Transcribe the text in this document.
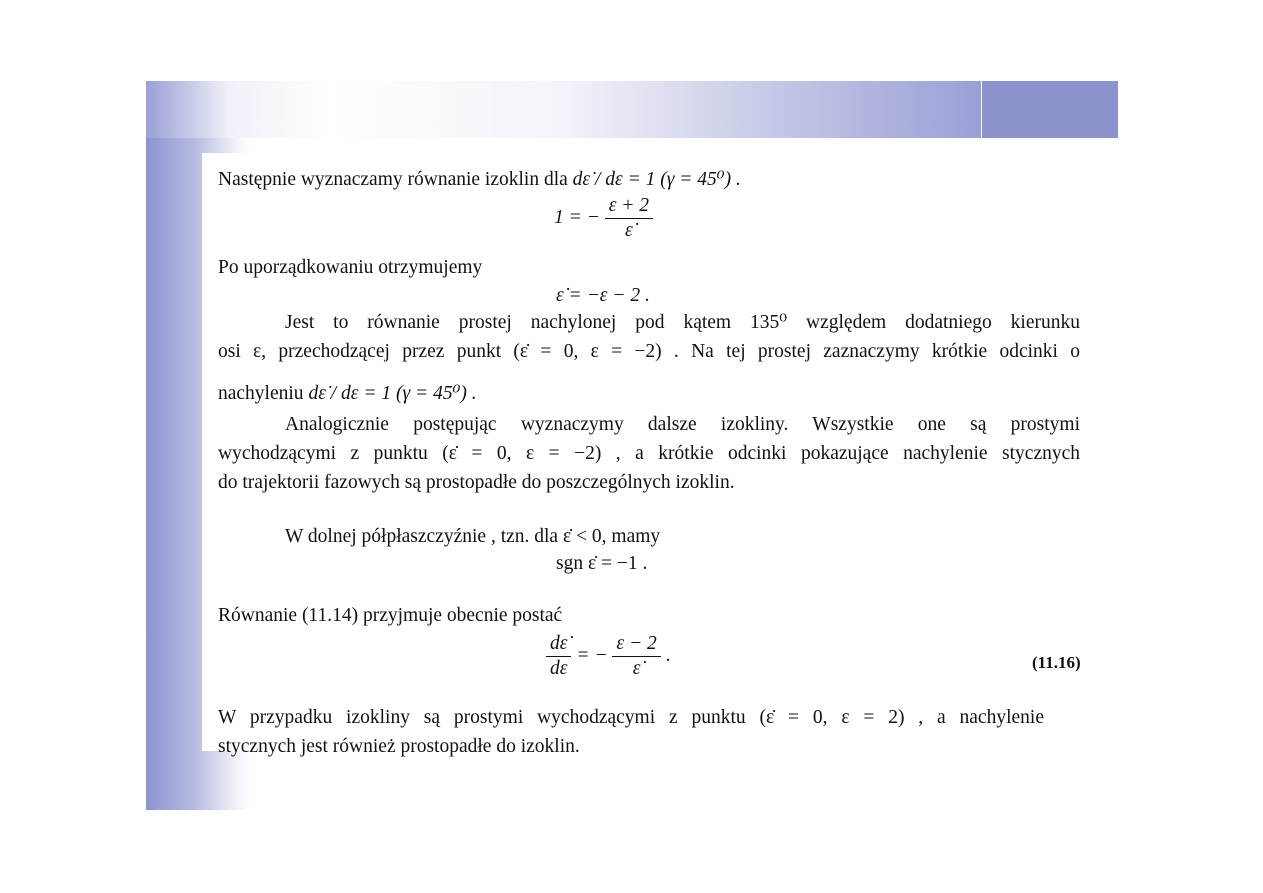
Następnie wyznaczamy równanie izoklin dla dε̇ / dε = 1 (γ = 45⁰) .
1 = − $\frac{\varepsilon + 2}{\varepsiloṅ}$
Po uporządkowaniu otrzymujemy
ε̇ = −ε − 2 .
Jest to równanie prostej nachylonej pod kątem 135⁰ względem dodatniego kierunku
osi ε, przechodzącej przez punkt (ε̇ = 0, ε = −2) . Na tej prostej zaznaczymy krótkie odcinki o
nachyleniu dε̇ / dε = 1 (γ = 45⁰) .
Analogicznie postępując wyznaczymy dalsze izokliny. Wszystkie one są prostymi
wychodzącymi z punktu (ε̇ = 0, ε = −2) , a krótkie odcinki pokazujące nachylenie stycznych
do trajektorii fazowych są prostopadłe do poszczególnych izoklin.
W dolnej półpłaszczyźnie , tzn. dla ε̇ < 0, mamy
sgn ε̇ = −1 .
Równanie (11.14) przyjmuje obecnie postać
$\frac{d\varepsiloṅ}{d\varepsilon}$ = − $\frac{\varepsilon - 2}{\varepsiloṅ}$ .	(11.16)
W przypadku izokliny są prostymi wychodzącymi z punktu (ε̇ = 0, ε = 2) , a nachylenie
stycznych jest również prostopadłe do izoklin.
